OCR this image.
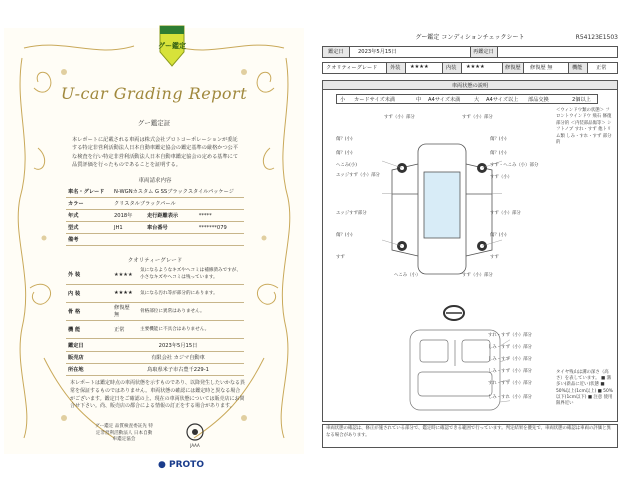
グー鑑定
U-car Grading Report
グー鑑定証
本レポートに記載される車両は株式会社プロトコーポレーションが委託する特定非営利活動法人日本自動車鑑定協会の鑑定基準の厳格かつ公平な検査を行い特定非営利活動法人日本自動車鑑定協会の定める基準にて品質評価を行ったものであることを証明する。
車両請求内容
車名・グレード	N-WGNカスタム G SSブラックスタイルパッケージ		
カラー	クリスタルブラックパール		
年式	2018年	走行距離表示	*****
型式	JH1	車台番号	*******079
備考			
クオリティーグレード
外 装	★★★★	気になるようなキズやヘコミは補修済みですが、小さなキズやヘコミは残っています。
内 装	★★★★	気になる汚れ等が部分的にあります。
骨 格	修復歴 無	骨格部位に異常はありません。
機 能	正常	主要機能に不具合はありません。
鑑定日	2023年5月15日
販売店	有限会社 カジマ自動車
所在地	鳥取県米子市古豊千229-1
本レポートは鑑定時点の車両状態を示すものであり、以降発生したいかなる異常を保証するものではありません。車両状態の確認には鑑定時と異なる場合がございます。鑑定日をご確認の上、現在の車両状態については販売店にお問合せ下さい。尚、販売店の都合による情報の訂正をする場合があります。
グー鑑定 品質検査委託先 特定非営利活動法人 日本自動車鑑定協会
JAAA
● PROTO
グー鑑定 コンディションチェックシート	R54123E1503
鑑定日	2023年5月15日	再鑑定日
クオリティーグレード 外装 ★★★★	内装 ★★★★	修復歴 修復歴 無	機能	正常
車両状態の説明
小 カードサイズ未満	中 A4サイズ未満	大 A4サイズ以上 部品交換	2個以上
すず（小）部分	すず（小）部分
傷？(小)	傷？(小)
傷？(小)	傷？(小)
へこみ(小)	すず・へこみ（小）部分
エッジすず（小）部分	すず（小）
エッジすず部分	すず（小）部分
傷？(小)	傷？(小)
すず	すず
へこみ（小）	すず（小）部分
＜ウィンドウ類の状態＞ フロントウインドウ 飛石 修復 部分的 ＜内装部品傷等＞ シフトノブ すれ・すず 他トリム類 しみ・すれ・すず 部分的
すれ・すず（小）部分
しみ・すず（小）部分
しみ・すず（小）部分
しみ・すず（小）部分
すれ・すず（小）部分
しみ・すれ（小）部分
タイヤ残山は溝の深さ（高さ）を表しています。 ■ 溝多い(新品に近い)状態 ■ 50%以上(1cm以上) ■ 50%以下(1cm以下) ■ 注意 使用限界近い
車両状態の確認は、修正が施されている部分で、鑑定時に確認できる範囲で行っています。判定結果を優先で、車両状態の確認は車両の評価と異なる場合があります。
